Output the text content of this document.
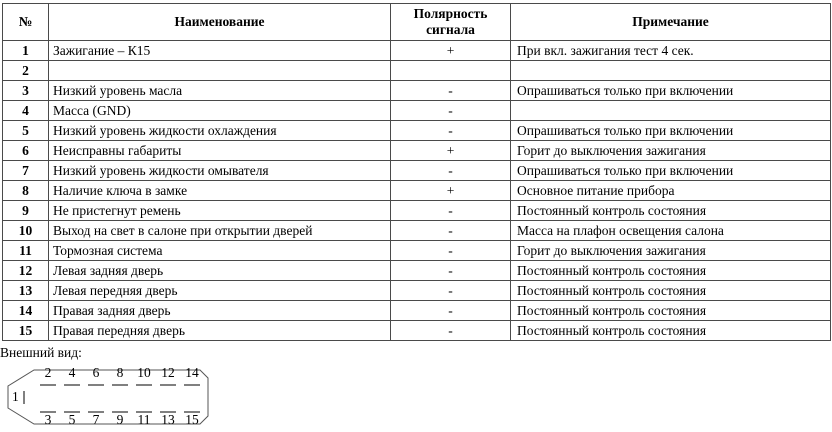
№	Наименование	Полярность сигнала	Примечание
1	Зажигание – К15	+	При вкл. зажигания тест 4 сек.
2			
3	Низкий уровень масла	-	Опрашиваться только при включении
4	Масса (GND)	-	
5	Низкий уровень жидкости охлаждения	-	Опрашиваться только при включении
6	Неисправны габариты	+	Горит до выключения зажигания
7	Низкий уровень жидкости омывателя	-	Опрашиваться только при включении
8	Наличие ключа в замке	+	Основное питание прибора
9	Не пристегнут ремень	-	Постоянный контроль состояния
10	Выход на свет в салоне при открытии дверей	-	Масса на плафон освещения салона
11	Тормозная система	-	Горит до выключения зажигания
12	Левая задняя дверь	-	Постоянный контроль состояния
13	Левая передняя дверь	-	Постоянный контроль состояния
14	Правая задняя дверь	-	Постоянный контроль состояния
15	Правая передняя дверь	-	Постоянный контроль состояния
Внешний вид:
1
2 4 6 8 10 12 14
3 5 7 9 11 13 15
